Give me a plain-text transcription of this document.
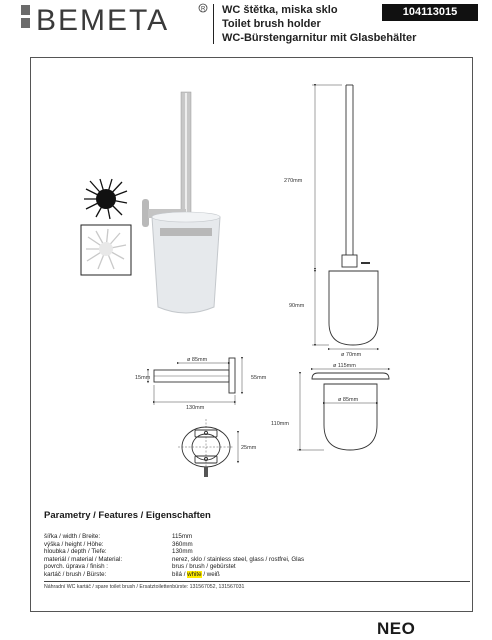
BEMETA	R WC štětka, miska sklo
Toilet brush holder
WC-Bürstengarnitur mit Glasbehälter
104113015
270mm
90mm
ø 70mm
ø 85mm
15mm	55mm
130mm
ø 115mm
ø 85mm
110mm
25mm
Parametry / Features / Eigenschaften
šířka / width / Breite:	115mm
výška / height / Höhe:	360mm
hloubka / depth / Tiefe:	130mm
materiál / material / Material:	nerez, sklo / stainless steel, glass / rostfrei, Glas
povrch. úprava / finish :	brus / brush / gebürstet
kartáč / brush / Bürste:	bílá / white / weiß
Náhradní WC kartáč / spare toilet brush / Ersatztoilettenbürste: 131567052, 131567031
NEO
